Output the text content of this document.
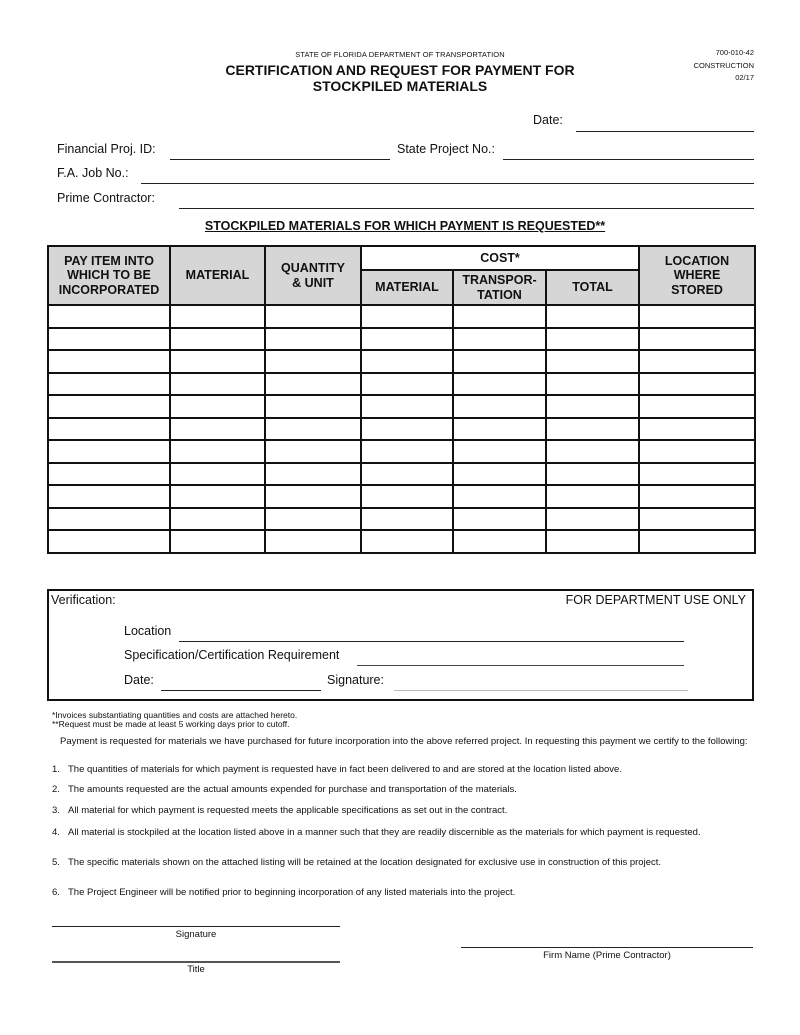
STATE OF FLORIDA DEPARTMENT OF TRANSPORTATION
CERTIFICATION AND REQUEST FOR PAYMENT FOR
STOCKPILED MATERIALS
700-010-42
CONSTRUCTION
02/17
Date:
Financial Proj. ID:	State Project No.:
F.A. Job No.:
Prime Contractor:
STOCKPILED MATERIALS FOR WHICH PAYMENT IS REQUESTED**
PAY ITEM INTO WHICH TO BE INCORPORATED	MATERIAL	QUANTITY & UNIT	COST*			LOCATION WHERE STORED
			MATERIAL	TRANSPOR- TATION	TOTAL	

Verification:	FOR DEPARTMENT USE ONLY
Location
Specification/Certification Requirement
Date:	Signature:
*Invoices substantiating quantities and costs are attached hereto.
**Request must be made at least 5 working days prior to cutoff.
Payment is requested for materials we have purchased for future incorporation into the above referred project. In requesting this payment we certify to the following:
1. The quantities of materials for which payment is requested have in fact been delivered to and are stored at the location listed above.
2. The amounts requested are the actual amounts expended for purchase and transportation of the materials.
3. All material for which payment is requested meets the applicable specifications as set out in the contract.
4. All material is stockpiled at the location listed above in a manner such that they are readily discernible as the materials for which payment is requested.
5. The specific materials shown on the attached listing will be retained at the location designated for exclusive use in construction of this project.
6. The Project Engineer will be notified prior to beginning incorporation of any listed materials into the project.
Signature
Title
Firm Name (Prime Contractor)
